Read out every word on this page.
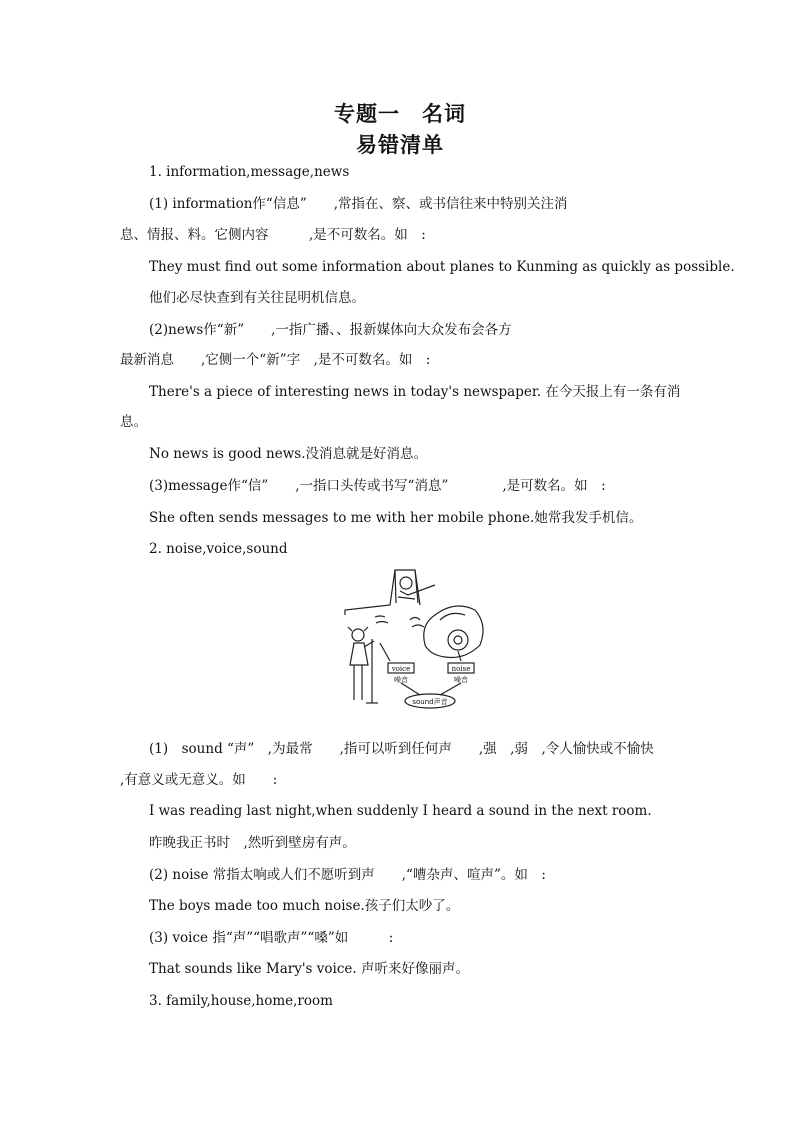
专题一　名词
易错清单
1. information,message,news
(1) information作“信息”　　,常指在、察、或书信往来中特别关注消
息、情报、料。它侧内容　　　,是不可数名。如　:
They must find out some information about planes to Kunming as quickly as possible.
他们必尽快查到有关往昆明机信息。
(2)news作“新”　　,一指广播、、报新媒体向大众发布会各方
最新消息　　,它侧一个“新”字　,是不可数名。如　:
There's a piece of interesting news in today's newspaper. 在今天报上有一条有消
息。
No news is good news.没消息就是好消息。
(3)message作“信”　　,一指口头传或书写“消息”　　　　,是可数名。如　:
She often sends messages to me with her mobile phone.她常我发手机信。
2. noise,voice,sound
voice	noise
噪音	噪音
sound声音
(1)　sound “声”　,为最常　　,指可以听到任何声　　,强　,弱　,令人愉快或不愉快
,有意义或无意义。如　　:
I was reading last night,when suddenly I heard a sound in the next room.
昨晚我正书时　,然听到壁房有声。
(2) noise 常指太响或人们不愿听到声　　,“嘈杂声、喧声”。如　:
The boys made too much noise.孩子们太吵了。
(3) voice 指“声”“唱歌声”“嗓”如　　　:
That sounds like Mary's voice. 声听来好像丽声。
3. family,house,home,room
